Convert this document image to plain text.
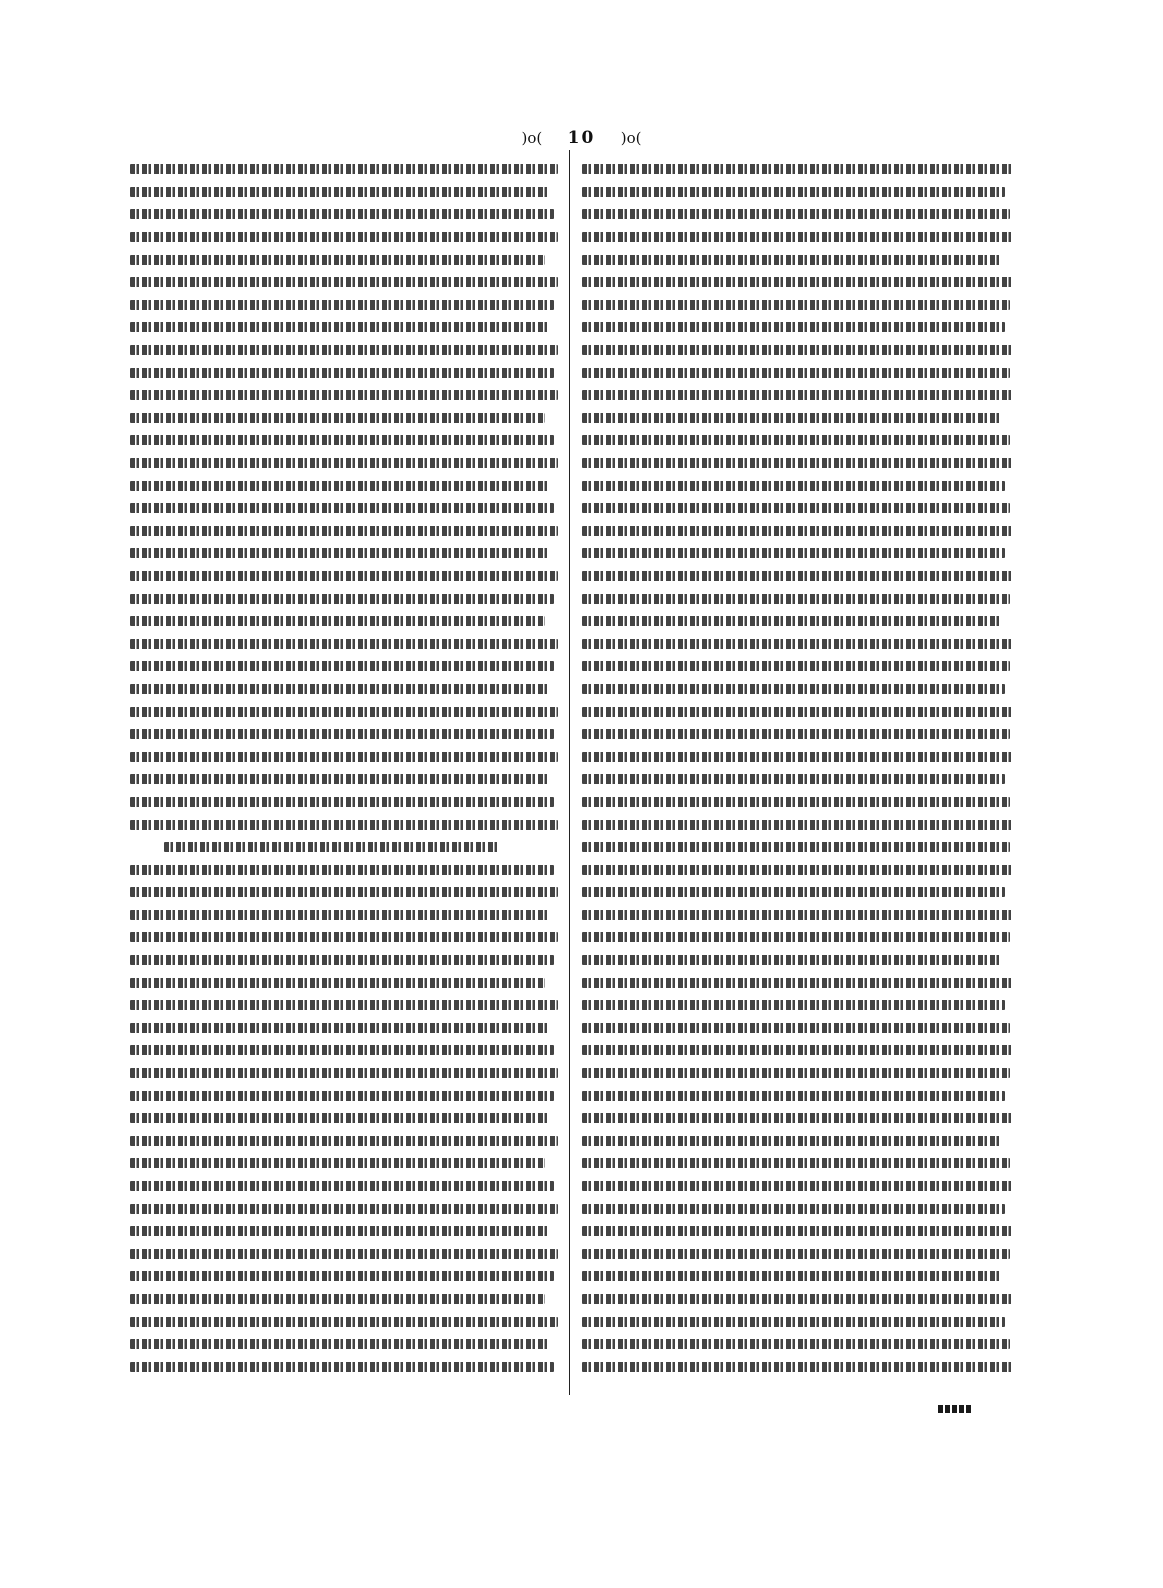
)o( 10 )o(
